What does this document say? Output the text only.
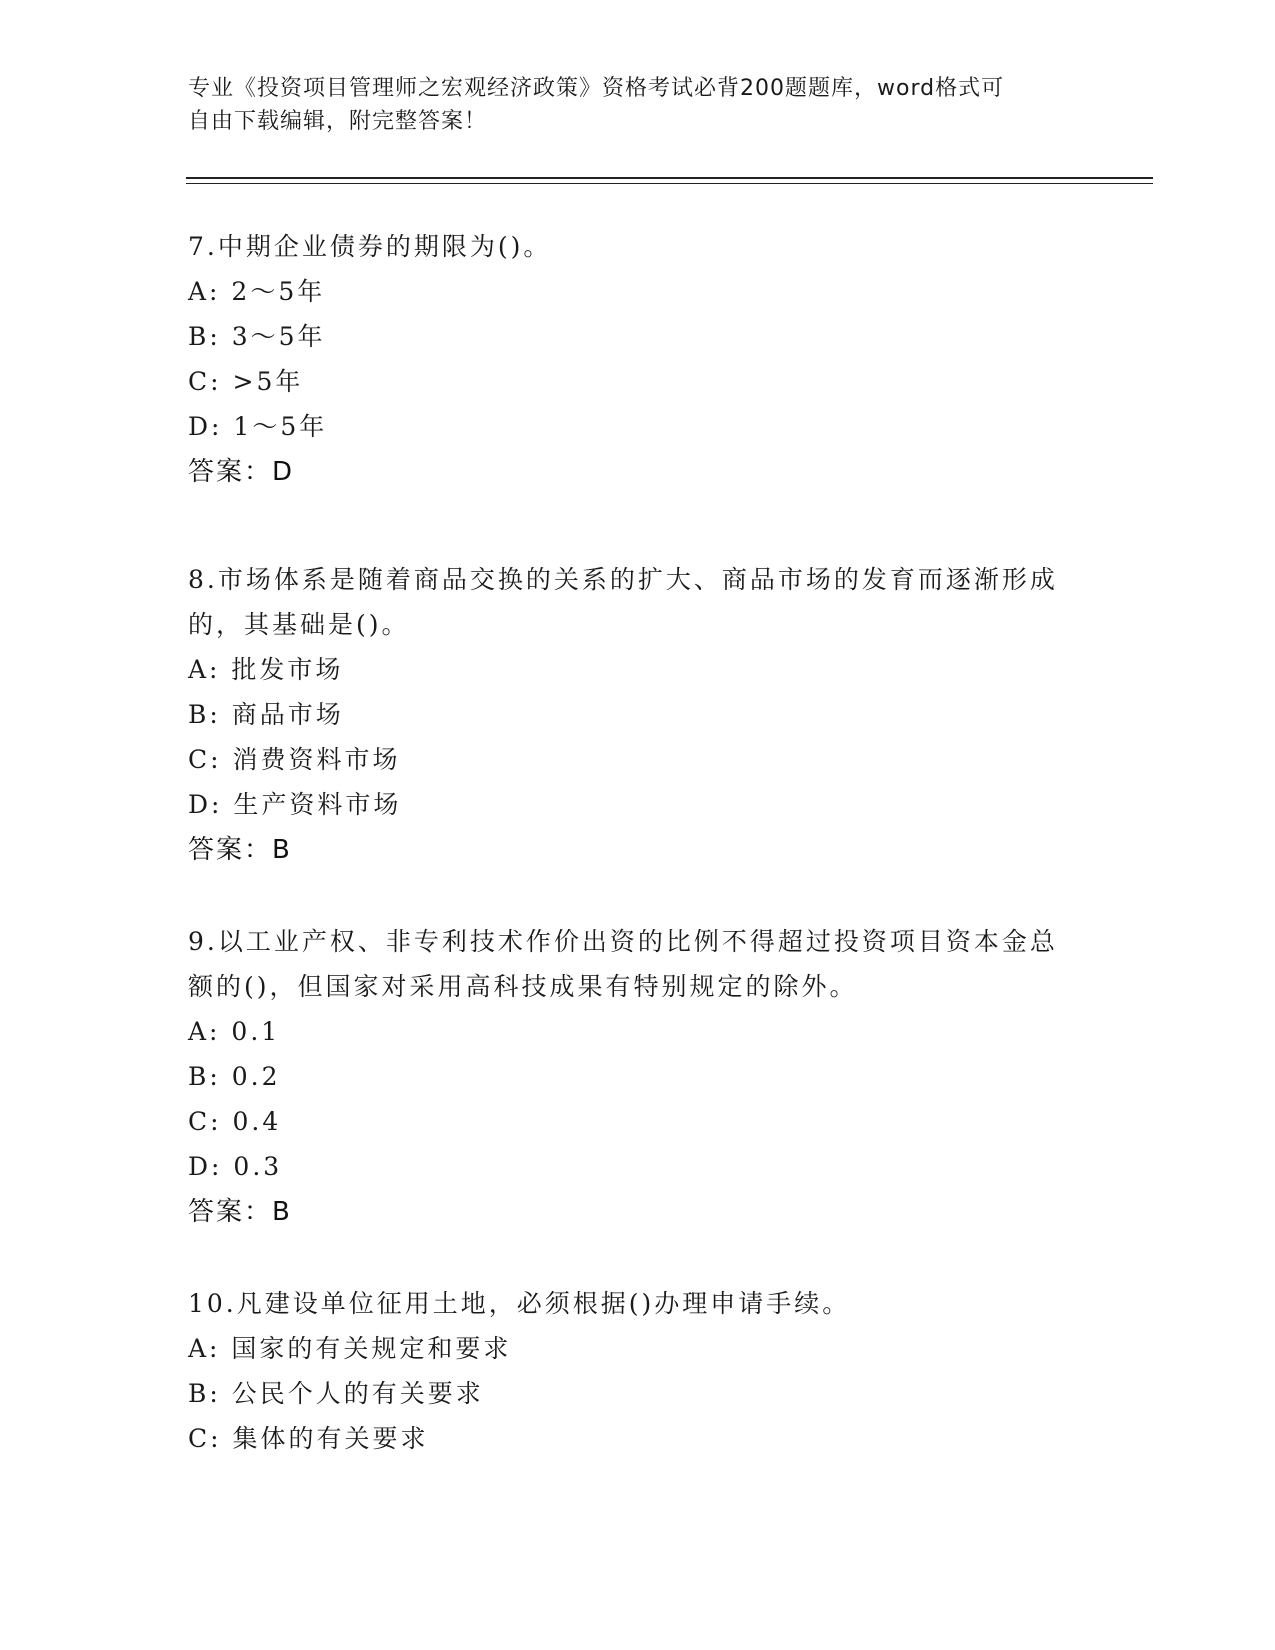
专业《投资项目管理师之宏观经济政策》资格考试必背200题题库，word格式可
自由下载编辑，附完整答案！
7.中期企业债券的期限为()。
A: 2～5年
B: 3～5年
C: >5年
D: 1～5年
答案：D
8.市场体系是随着商品交换的关系的扩大、商品市场的发育而逐渐形成的，其基础是()。
A: 批发市场
B: 商品市场
C: 消费资料市场
D: 生产资料市场
答案：B
9.以工业产权、非专利技术作价出资的比例不得超过投资项目资本金总额的()，但国家对采用高科技成果有特别规定的除外。
A: 0.1
B: 0.2
C: 0.4
D: 0.3
答案：B
10.凡建设单位征用土地，必须根据()办理申请手续。
A: 国家的有关规定和要求
B: 公民个人的有关要求
C: 集体的有关要求
